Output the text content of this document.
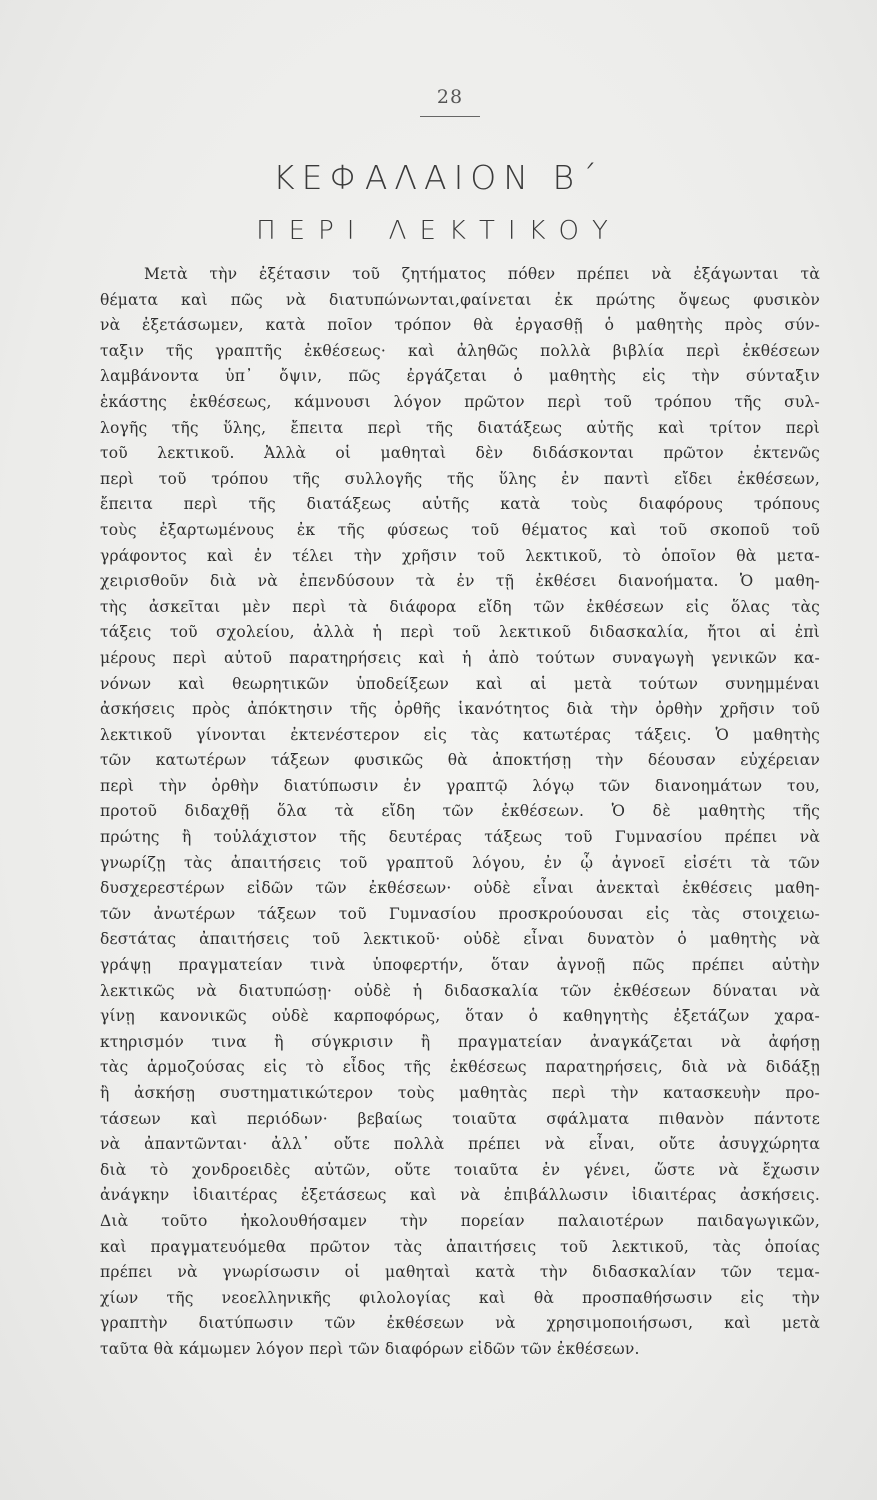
28
ΚΕΦΑΛΑΙΟΝ Β΄
ΠΕΡΙ ΛΕΚΤΙΚΟΥ
Μετὰ τὴν ἐξέτασιν τοῦ ζητήματος πόθεν πρέπει νὰ ἐξάγωνται τὰ
θέματα καὶ πῶς νὰ διατυπώνωνται,φαίνεται ἐκ πρώτης ὄψεως φυσικὸν
νὰ ἐξετάσωμεν, κατὰ ποῖον τρόπον θὰ ἐργασθῇ ὁ μαθητὴς πρὸς σύν-
ταξιν τῆς γραπτῆς ἐκθέσεως· καὶ ἀληθῶς πολλὰ βιβλία περὶ ἐκθέσεων
λαμβάνοντα ὑπ᾽ ὄψιν, πῶς ἐργάζεται ὁ μαθητὴς εἰς τὴν σύνταξιν
ἑκάστης ἐκθέσεως, κάμνουσι λόγον πρῶτον περὶ τοῦ τρόπου τῆς συλ-
λογῆς τῆς ὕλης, ἔπειτα περὶ τῆς διατάξεως αὐτῆς καὶ τρίτον περὶ
τοῦ λεκτικοῦ. Ἀλλὰ οἱ μαθηταὶ δὲν διδάσκονται πρῶτον ἐκτενῶς
περὶ τοῦ τρόπου τῆς συλλογῆς τῆς ὕλης ἐν παντὶ εἴδει ἐκθέσεων,
ἔπειτα περὶ τῆς διατάξεως αὐτῆς κατὰ τοὺς διαφόρους τρόπους
τοὺς ἐξαρτωμένους ἐκ τῆς φύσεως τοῦ θέματος καὶ τοῦ σκοποῦ τοῦ
γράφοντος καὶ ἐν τέλει τὴν χρῆσιν τοῦ λεκτικοῦ, τὸ ὁποῖον θὰ μετα-
χειρισθοῦν διὰ νὰ ἐπενδύσουν τὰ ἐν τῇ ἐκθέσει διανοήματα. Ὁ μαθη-
τὴς ἀσκεῖται μὲν περὶ τὰ διάφορα εἴδη τῶν ἐκθέσεων εἰς ὅλας τὰς
τάξεις τοῦ σχολείου, ἀλλὰ ἡ περὶ τοῦ λεκτικοῦ διδασκαλία, ἤτοι αἱ ἐπὶ
μέρους περὶ αὐτοῦ παρατηρήσεις καὶ ἡ ἀπὸ τούτων συναγωγὴ γενικῶν κα-
νόνων καὶ θεωρητικῶν ὑποδείξεων καὶ αἱ μετὰ τούτων συνημμέναι
ἀσκήσεις πρὸς ἀπόκτησιν τῆς ὀρθῆς ἱκανότητος διὰ τὴν ὀρθὴν χρῆσιν τοῦ
λεκτικοῦ γίνονται ἐκτενέστερον εἰς τὰς κατωτέρας τάξεις. Ὁ μαθητὴς
τῶν κατωτέρων τάξεων φυσικῶς θὰ ἀποκτήσῃ τὴν δέουσαν εὐχέρειαν
περὶ τὴν ὀρθὴν διατύπωσιν ἐν γραπτῷ λόγῳ τῶν διανοημάτων του,
προτοῦ διδαχθῇ ὅλα τὰ εἴδη τῶν ἐκθέσεων. Ὁ δὲ μαθητὴς τῆς
πρώτης ἢ τοὐλάχιστον τῆς δευτέρας τάξεως τοῦ Γυμνασίου πρέπει νὰ
γνωρίζῃ τὰς ἀπαιτήσεις τοῦ γραπτοῦ λόγου, ἐν ᾧ ἀγνοεῖ εἰσέτι τὰ τῶν
δυσχερεστέρων εἰδῶν τῶν ἐκθέσεων· οὐδὲ εἶναι ἀνεκταὶ ἐκθέσεις μαθη-
τῶν ἀνωτέρων τάξεων τοῦ Γυμνασίου προσκρούουσαι εἰς τὰς στοιχειω-
δεστάτας ἀπαιτήσεις τοῦ λεκτικοῦ· οὐδὲ εἶναι δυνατὸν ὁ μαθητὴς νὰ
γράψῃ πραγματείαν τινὰ ὑποφερτήν, ὅταν ἀγνοῇ πῶς πρέπει αὐτὴν
λεκτικῶς νὰ διατυπώσῃ· οὐδὲ ἡ διδασκαλία τῶν ἐκθέσεων δύναται νὰ
γίνῃ κανονικῶς οὐδὲ καρποφόρως, ὅταν ὁ καθηγητὴς ἐξετάζων χαρα-
κτηρισμόν τινα ἢ σύγκρισιν ἢ πραγματείαν ἀναγκάζεται νὰ ἀφήσῃ
τὰς ἁρμοζούσας εἰς τὸ εἶδος τῆς ἐκθέσεως παρατηρήσεις, διὰ νὰ διδάξῃ
ἢ ἀσκήσῃ συστηματικώτερον τοὺς μαθητὰς περὶ τὴν κατασκευὴν προ-
τάσεων καὶ περιόδων· βεβαίως τοιαῦτα σφάλματα πιθανὸν πάντοτε
νὰ ἀπαντῶνται· ἀλλ᾽ οὔτε πολλὰ πρέπει νὰ εἶναι, οὔτε ἀσυγχώρητα
διὰ τὸ χονδροειδὲς αὐτῶν, οὔτε τοιαῦτα ἐν γένει, ὥστε νὰ ἔχωσιν
ἀνάγκην ἰδιαιτέρας ἐξετάσεως καὶ νὰ ἐπιβάλλωσιν ἰδιαιτέρας ἀσκήσεις.
Διὰ τοῦτο ἠκολουθήσαμεν τὴν πορείαν παλαιοτέρων παιδαγωγικῶν,
καὶ πραγματευόμεθα πρῶτον τὰς ἀπαιτήσεις τοῦ λεκτικοῦ, τὰς ὁποίας
πρέπει νὰ γνωρίσωσιν οἱ μαθηταὶ κατὰ τὴν διδασκαλίαν τῶν τεμα-
χίων τῆς νεοελληνικῆς φιλολογίας καὶ θὰ προσπαθήσωσιν εἰς τὴν
γραπτὴν διατύπωσιν τῶν ἐκθέσεων νὰ χρησιμοποιήσωσι, καὶ μετὰ
ταῦτα θὰ κάμωμεν λόγον περὶ τῶν διαφόρων εἰδῶν τῶν ἐκθέσεων.
